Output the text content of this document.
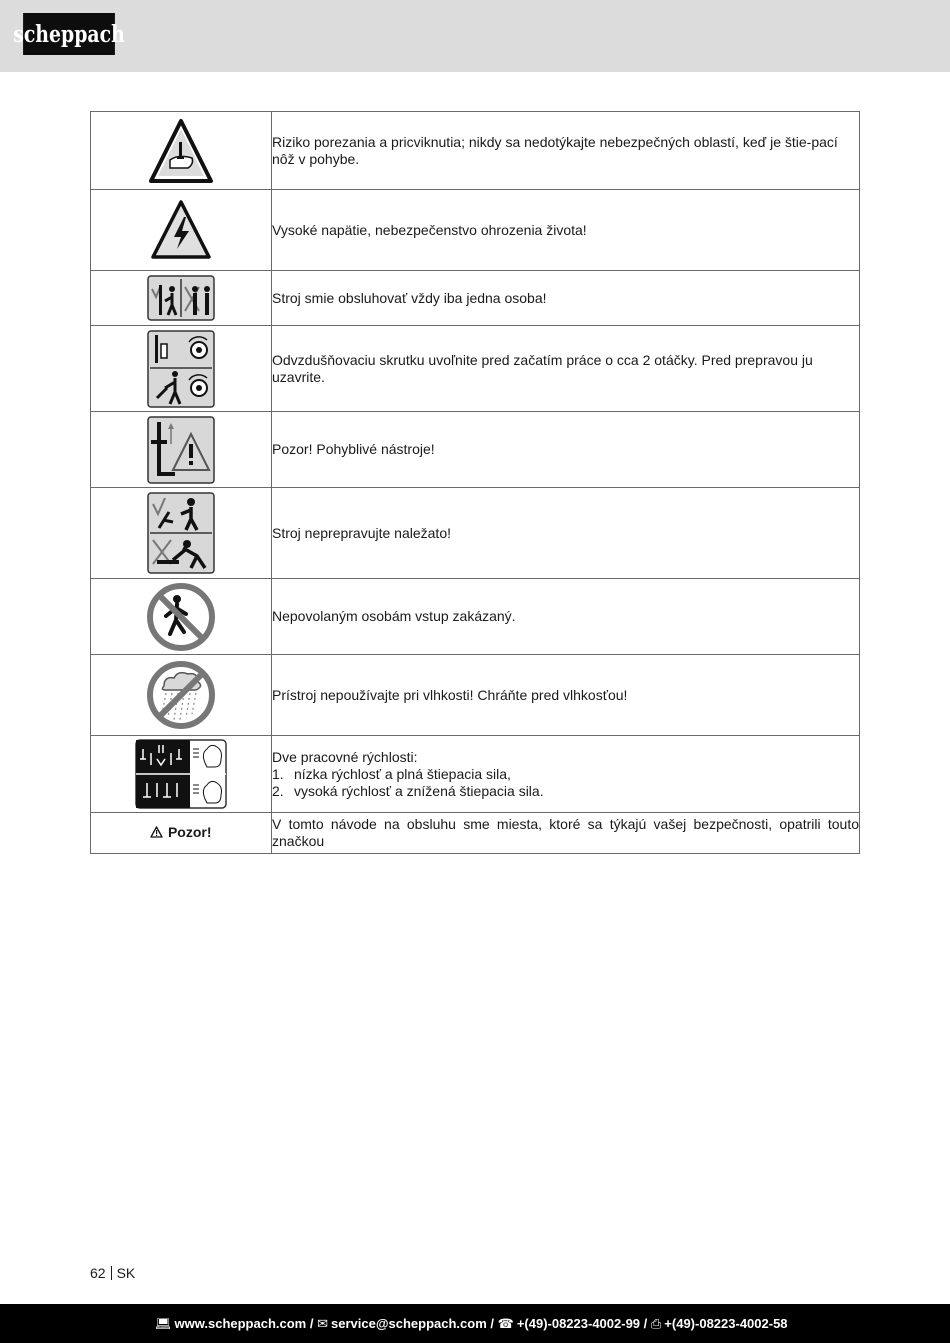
scheppach
	Riziko porezania a pricviknutia; nikdy sa nedotýkajte nebezpečných oblastí, keď je štie-pací nôž v pohybe.
	Vysoké napätie, nebezpečenstvo ohrozenia života!
	Stroj smie obsluhovať vždy iba jedna osoba!
	Odvzdušňovaciu skrutku uvoľnite pred začatím práce o cca 2 otáčky. Pred prepravou ju uzavrite.
	Pozor! Pohyblivé nástroje!
	Stroj neprepravujte naležato!
	Nepovolaným osobám vstup zakázaný.
	Prístroj nepoužívajte pri vlhkosti! Chráňte pred vlhkosťou!

Dve pracovné rýchlosti:
1. nízka rýchlosť a plná štiepacia sila,
2. vysoká rýchlosť a znížená štiepacia sila.

Pozor!	V tomto návode na obsluhu sme miesta, ktoré sa týkajú vašej bezpečnosti, opatrili touto značkou
62 SK
💻︎ www.scheppach.com / ✉ service@scheppach.com / ☎ +(49)-08223-4002-99 / ⎙ +(49)-08223-4002-58
